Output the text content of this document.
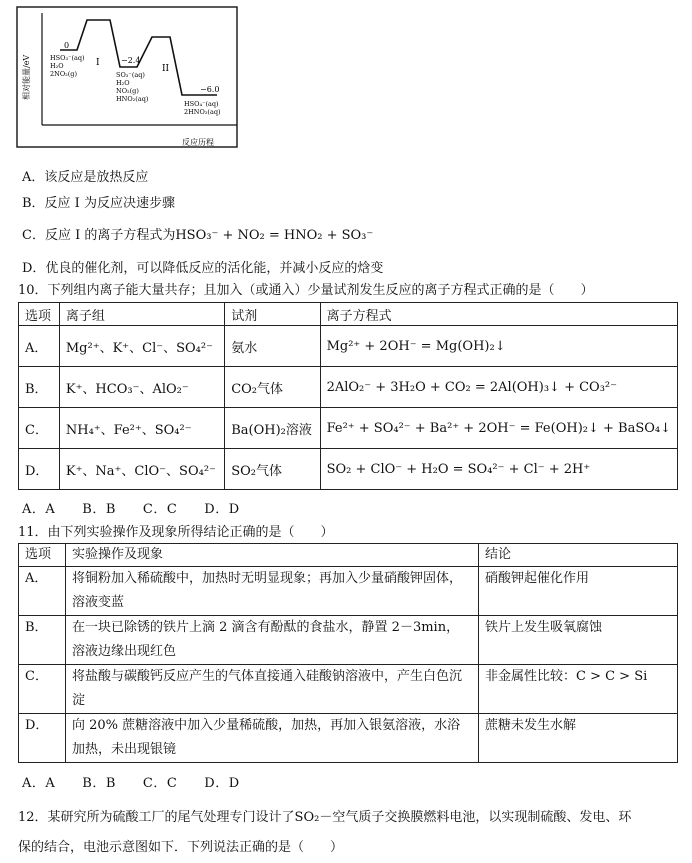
相对能量/eV
反应历程
0
HSO₃⁻(aq)
H₂O
2NO₂(g)
I	−2.4
SO₃⁻(aq)
H₂O
NO₂(g)
HNO₂(aq)
II
−6.0
HSO₄⁻(aq)
2HNO₂(aq)
A．该反应是放热反应
B．反应 I 为反应决速步骤
C．反应 I 的离子方程式为HSO₃⁻ + NO₂ = HNO₂ + SO₃⁻
D．优良的催化剂，可以降低反应的活化能，并减小反应的焓变
10．下列组内离子能大量共存；且加入（或通入）少量试剂发生反应的离子方程式正确的是（　　）
选项	离子组	试剂	离子方程式
A．	Mg²⁺、K⁺、Cl⁻、SO₄²⁻	氨水	Mg²⁺ + 2OH⁻ = Mg(OH)₂↓
B．	K⁺、HCO₃⁻、AlO₂⁻	CO₂气体	2AlO₂⁻ + 3H₂O + CO₂ = 2Al(OH)₃↓ + CO₃²⁻
C．	NH₄⁺、Fe²⁺、SO₄²⁻	Ba(OH)₂溶液	Fe²⁺ + SO₄²⁻ + Ba²⁺ + 2OH⁻ = Fe(OH)₂↓ + BaSO₄↓
D．	K⁺、Na⁺、ClO⁻、SO₄²⁻	SO₂气体	SO₂ + ClO⁻ + H₂O = SO₄²⁻ + Cl⁻ + 2H⁺
A．A　　B．B　　C．C　　D．D
11．由下列实验操作及现象所得结论正确的是（　　）
选项	实验操作及现象	结论
A．	将铜粉加入稀硫酸中，加热时无明显现象；再加入少量硝酸钾固体，溶液变蓝	硝酸钾起催化作用
B．	在一块已除锈的铁片上滴 2 滴含有酚酞的食盐水，静置 2－3min，溶液边缘出现红色	铁片上发生吸氧腐蚀
C．	将盐酸与碳酸钙反应产生的气体直接通入硅酸钠溶液中，产生白色沉淀	非金属性比较：C > C > Si
D．	向 20% 蔗糖溶液中加入少量稀硫酸，加热，再加入银氨溶液，水浴加热，未出现银镜	蔗糖未发生水解
A．A　　B．B　　C．C　　D．D
12．某研究所为硫酸工厂的尾气处理专门设计了SO₂－空气质子交换膜燃料电池，以实现制硫酸、发电、环
保的结合，电池示意图如下．下列说法正确的是（　　）
